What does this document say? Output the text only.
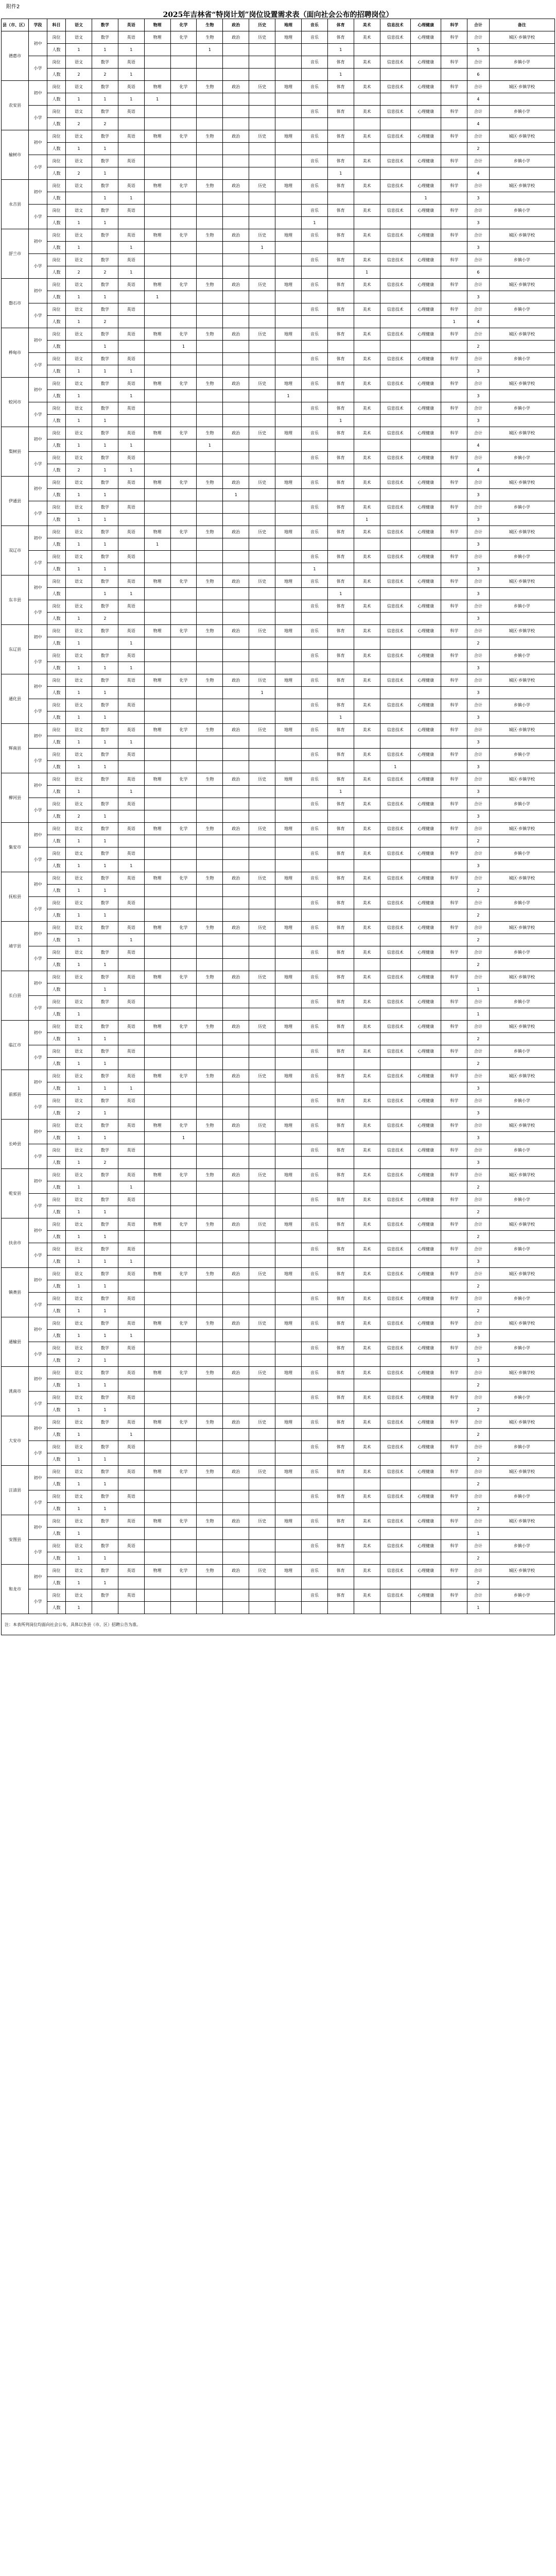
附件2
2025年吉林省“特岗计划”岗位设置需求表（面向社会公布的招聘岗位）
县（市、区）	学段	科目	语文	数学	英语	物理	化学	生物	政治	历史	地理	音乐	体育	美术	信息技术	心理健康	科学	合计	备注
德惠市	初中	岗位	语文	数学	英语	物理	化学	生物	政治	历史	地理	音乐	体育	美术	信息技术	心理健康	科学	合计	城区·乡镇学校
		人数	1	1	1			1					1					5	
	小学	岗位	语文	数学	英语							音乐	体育	美术	信息技术	心理健康	科学	合计	乡镇小学
		人数	2	2	1								1					6	
农安县	初中	岗位	语文	数学	英语	物理	化学	生物	政治	历史	地理	音乐	体育	美术	信息技术	心理健康	科学	合计	城区·乡镇学校
		人数	1	1	1	1												4	
	小学	岗位	语文	数学	英语							音乐	体育	美术	信息技术	心理健康	科学	合计	乡镇小学
		人数	2	2														4	
榆树市	初中	岗位	语文	数学	英语	物理	化学	生物	政治	历史	地理	音乐	体育	美术	信息技术	心理健康	科学	合计	城区·乡镇学校
		人数	1	1														2	
	小学	岗位	语文	数学	英语							音乐	体育	美术	信息技术	心理健康	科学	合计	乡镇小学
		人数	2	1									1					4	
永吉县	初中	岗位	语文	数学	英语	物理	化学	生物	政治	历史	地理	音乐	体育	美术	信息技术	心理健康	科学	合计	城区·乡镇学校
		人数		1	1											1		3	
	小学	岗位	语文	数学	英语							音乐	体育	美术	信息技术	心理健康	科学	合计	乡镇小学
		人数	1	1								1						3	
舒兰市	初中	岗位	语文	数学	英语	物理	化学	生物	政治	历史	地理	音乐	体育	美术	信息技术	心理健康	科学	合计	城区·乡镇学校
		人数	1		1					1								3	
	小学	岗位	语文	数学	英语							音乐	体育	美术	信息技术	心理健康	科学	合计	乡镇小学
		人数	2	2	1									1				6	
磐石市	初中	岗位	语文	数学	英语	物理	化学	生物	政治	历史	地理	音乐	体育	美术	信息技术	心理健康	科学	合计	城区·乡镇学校
		人数	1	1		1												3	
	小学	岗位	语文	数学	英语							音乐	体育	美术	信息技术	心理健康	科学	合计	乡镇小学
		人数	1	2													1	4	
桦甸市	初中	岗位	语文	数学	英语	物理	化学	生物	政治	历史	地理	音乐	体育	美术	信息技术	心理健康	科学	合计	城区·乡镇学校
		人数		1			1											2	
	小学	岗位	语文	数学	英语							音乐	体育	美术	信息技术	心理健康	科学	合计	乡镇小学
		人数	1	1	1													3	
蛟河市	初中	岗位	语文	数学	英语	物理	化学	生物	政治	历史	地理	音乐	体育	美术	信息技术	心理健康	科学	合计	城区·乡镇学校
		人数	1		1						1							3	
	小学	岗位	语文	数学	英语							音乐	体育	美术	信息技术	心理健康	科学	合计	乡镇小学
		人数	1	1									1					3	
梨树县	初中	岗位	语文	数学	英语	物理	化学	生物	政治	历史	地理	音乐	体育	美术	信息技术	心理健康	科学	合计	城区·乡镇学校
		人数	1	1	1			1										4	
	小学	岗位	语文	数学	英语							音乐	体育	美术	信息技术	心理健康	科学	合计	乡镇小学
		人数	2	1	1													4	
伊通县	初中	岗位	语文	数学	英语	物理	化学	生物	政治	历史	地理	音乐	体育	美术	信息技术	心理健康	科学	合计	城区·乡镇学校
		人数	1	1					1									3	
	小学	岗位	语文	数学	英语							音乐	体育	美术	信息技术	心理健康	科学	合计	乡镇小学
		人数	1	1										1				3	
双辽市	初中	岗位	语文	数学	英语	物理	化学	生物	政治	历史	地理	音乐	体育	美术	信息技术	心理健康	科学	合计	城区·乡镇学校
		人数	1	1		1												3	
	小学	岗位	语文	数学	英语							音乐	体育	美术	信息技术	心理健康	科学	合计	乡镇小学
		人数	1	1								1						3	
东丰县	初中	岗位	语文	数学	英语	物理	化学	生物	政治	历史	地理	音乐	体育	美术	信息技术	心理健康	科学	合计	城区·乡镇学校
		人数		1	1								1					3	
	小学	岗位	语文	数学	英语							音乐	体育	美术	信息技术	心理健康	科学	合计	乡镇小学
		人数	1	2														3	
东辽县	初中	岗位	语文	数学	英语	物理	化学	生物	政治	历史	地理	音乐	体育	美术	信息技术	心理健康	科学	合计	城区·乡镇学校
		人数	1		1													2	
	小学	岗位	语文	数学	英语							音乐	体育	美术	信息技术	心理健康	科学	合计	乡镇小学
		人数	1	1	1													3	
通化县	初中	岗位	语文	数学	英语	物理	化学	生物	政治	历史	地理	音乐	体育	美术	信息技术	心理健康	科学	合计	城区·乡镇学校
		人数	1	1						1								3	
	小学	岗位	语文	数学	英语							音乐	体育	美术	信息技术	心理健康	科学	合计	乡镇小学
		人数	1	1									1					3	
辉南县	初中	岗位	语文	数学	英语	物理	化学	生物	政治	历史	地理	音乐	体育	美术	信息技术	心理健康	科学	合计	城区·乡镇学校
		人数	1	1	1													3	
	小学	岗位	语文	数学	英语							音乐	体育	美术	信息技术	心理健康	科学	合计	乡镇小学
		人数	1	1											1			3	
柳河县	初中	岗位	语文	数学	英语	物理	化学	生物	政治	历史	地理	音乐	体育	美术	信息技术	心理健康	科学	合计	城区·乡镇学校
		人数	1		1								1					3	
	小学	岗位	语文	数学	英语							音乐	体育	美术	信息技术	心理健康	科学	合计	乡镇小学
		人数	2	1														3	
集安市	初中	岗位	语文	数学	英语	物理	化学	生物	政治	历史	地理	音乐	体育	美术	信息技术	心理健康	科学	合计	城区·乡镇学校
		人数	1	1														2	
	小学	岗位	语文	数学	英语							音乐	体育	美术	信息技术	心理健康	科学	合计	乡镇小学
		人数	1	1	1													3	
抚松县	初中	岗位	语文	数学	英语	物理	化学	生物	政治	历史	地理	音乐	体育	美术	信息技术	心理健康	科学	合计	城区·乡镇学校
		人数	1	1														2	
	小学	岗位	语文	数学	英语							音乐	体育	美术	信息技术	心理健康	科学	合计	乡镇小学
		人数	1	1														2	
靖宇县	初中	岗位	语文	数学	英语	物理	化学	生物	政治	历史	地理	音乐	体育	美术	信息技术	心理健康	科学	合计	城区·乡镇学校
		人数	1		1													2	
	小学	岗位	语文	数学	英语							音乐	体育	美术	信息技术	心理健康	科学	合计	乡镇小学
		人数	1	1														2	
长白县	初中	岗位	语文	数学	英语	物理	化学	生物	政治	历史	地理	音乐	体育	美术	信息技术	心理健康	科学	合计	城区·乡镇学校
		人数		1														1	
	小学	岗位	语文	数学	英语							音乐	体育	美术	信息技术	心理健康	科学	合计	乡镇小学
		人数	1															1	
临江市	初中	岗位	语文	数学	英语	物理	化学	生物	政治	历史	地理	音乐	体育	美术	信息技术	心理健康	科学	合计	城区·乡镇学校
		人数	1	1														2	
	小学	岗位	语文	数学	英语							音乐	体育	美术	信息技术	心理健康	科学	合计	乡镇小学
		人数	1	1														2	
前郭县	初中	岗位	语文	数学	英语	物理	化学	生物	政治	历史	地理	音乐	体育	美术	信息技术	心理健康	科学	合计	城区·乡镇学校
		人数	1	1	1													3	
	小学	岗位	语文	数学	英语							音乐	体育	美术	信息技术	心理健康	科学	合计	乡镇小学
		人数	2	1														3	
长岭县	初中	岗位	语文	数学	英语	物理	化学	生物	政治	历史	地理	音乐	体育	美术	信息技术	心理健康	科学	合计	城区·乡镇学校
		人数	1	1			1											3	
	小学	岗位	语文	数学	英语							音乐	体育	美术	信息技术	心理健康	科学	合计	乡镇小学
		人数	1	2														3	
乾安县	初中	岗位	语文	数学	英语	物理	化学	生物	政治	历史	地理	音乐	体育	美术	信息技术	心理健康	科学	合计	城区·乡镇学校
		人数	1		1													2	
	小学	岗位	语文	数学	英语							音乐	体育	美术	信息技术	心理健康	科学	合计	乡镇小学
		人数	1	1														2	
扶余市	初中	岗位	语文	数学	英语	物理	化学	生物	政治	历史	地理	音乐	体育	美术	信息技术	心理健康	科学	合计	城区·乡镇学校
		人数	1	1														2	
	小学	岗位	语文	数学	英语							音乐	体育	美术	信息技术	心理健康	科学	合计	乡镇小学
		人数	1	1	1													3	
镇赉县	初中	岗位	语文	数学	英语	物理	化学	生物	政治	历史	地理	音乐	体育	美术	信息技术	心理健康	科学	合计	城区·乡镇学校
		人数	1	1														2	
	小学	岗位	语文	数学	英语							音乐	体育	美术	信息技术	心理健康	科学	合计	乡镇小学
		人数	1	1														2	
通榆县	初中	岗位	语文	数学	英语	物理	化学	生物	政治	历史	地理	音乐	体育	美术	信息技术	心理健康	科学	合计	城区·乡镇学校
		人数	1	1	1													3	
	小学	岗位	语文	数学	英语							音乐	体育	美术	信息技术	心理健康	科学	合计	乡镇小学
		人数	2	1														3	
洮南市	初中	岗位	语文	数学	英语	物理	化学	生物	政治	历史	地理	音乐	体育	美术	信息技术	心理健康	科学	合计	城区·乡镇学校
		人数	1	1														2	
	小学	岗位	语文	数学	英语							音乐	体育	美术	信息技术	心理健康	科学	合计	乡镇小学
		人数	1	1														2	
大安市	初中	岗位	语文	数学	英语	物理	化学	生物	政治	历史	地理	音乐	体育	美术	信息技术	心理健康	科学	合计	城区·乡镇学校
		人数	1		1													2	
	小学	岗位	语文	数学	英语							音乐	体育	美术	信息技术	心理健康	科学	合计	乡镇小学
		人数	1	1														2	
汪清县	初中	岗位	语文	数学	英语	物理	化学	生物	政治	历史	地理	音乐	体育	美术	信息技术	心理健康	科学	合计	城区·乡镇学校
		人数	1	1														2	
	小学	岗位	语文	数学	英语							音乐	体育	美术	信息技术	心理健康	科学	合计	乡镇小学
		人数	1	1														2	
安图县	初中	岗位	语文	数学	英语	物理	化学	生物	政治	历史	地理	音乐	体育	美术	信息技术	心理健康	科学	合计	城区·乡镇学校
		人数	1															1	
	小学	岗位	语文	数学	英语							音乐	体育	美术	信息技术	心理健康	科学	合计	乡镇小学
		人数	1	1														2	
和龙市	初中	岗位	语文	数学	英语	物理	化学	生物	政治	历史	地理	音乐	体育	美术	信息技术	心理健康	科学	合计	城区·乡镇学校
		人数	1	1														2	
	小学	岗位	语文	数学	英语							音乐	体育	美术	信息技术	心理健康	科学	合计	乡镇小学
		人数	1															1	
注：本表所列岗位均面向社会公布，具体以各县（市、区）招聘公告为准。																			
